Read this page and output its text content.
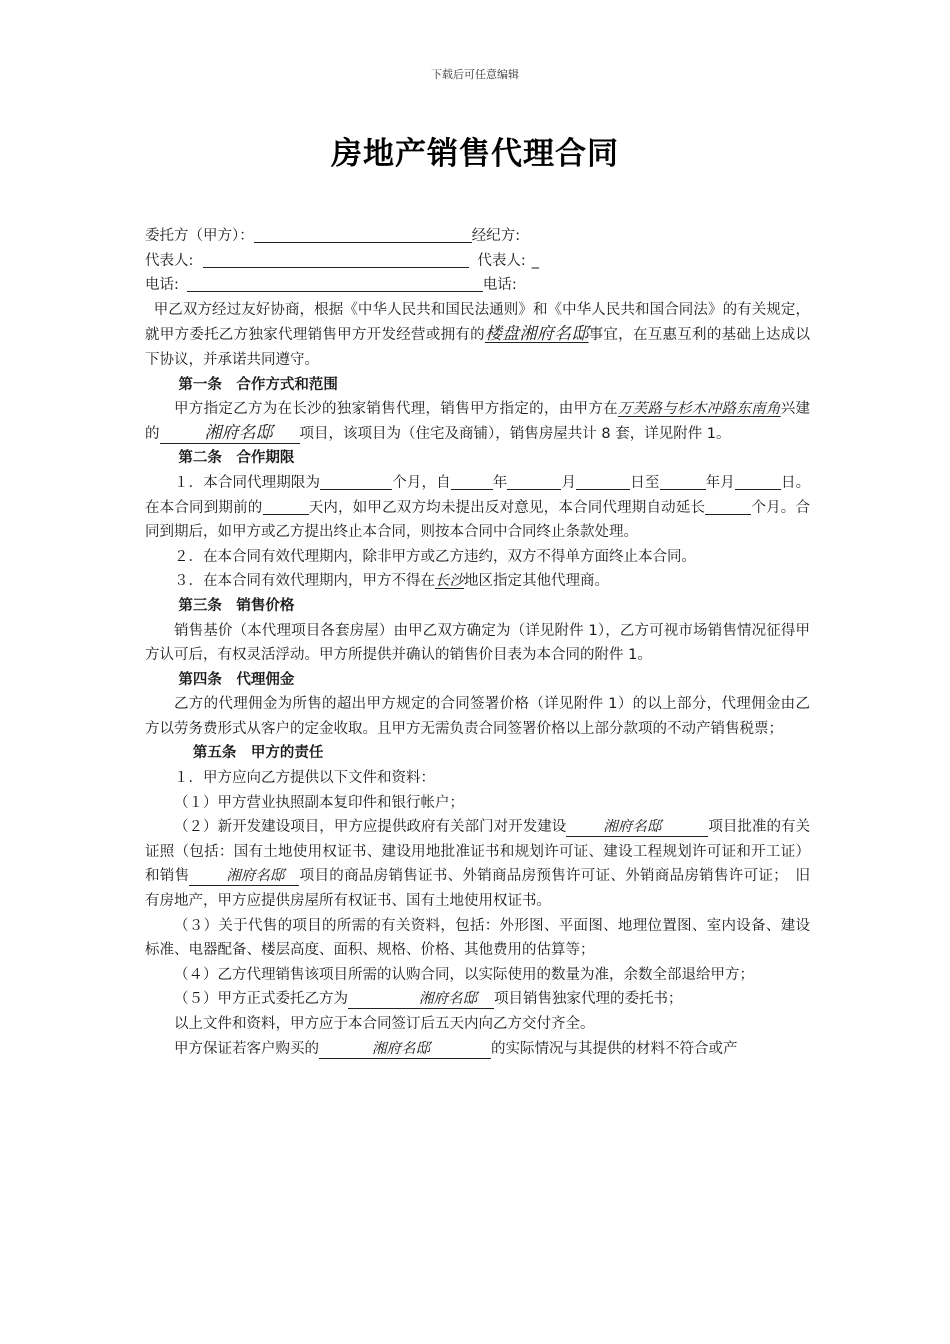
下载后可任意编辑
房地产销售代理合同
委托方（甲方）：	经纪方:
代表人:	代表人: _
电话:	电话:
甲乙双方经过友好协商，根据《中华人民共和国民法通则》和《中华人民共和国合同法》的有关规定，就甲方委托乙方独家代理销售甲方开发经营或拥有的楼盘湘府名邸事宜，在互惠互利的基础上达成以下协议，并承诺共同遵守。
第一条　合作方式和范围
甲方指定乙方为在长沙的独家销售代理，销售甲方指定的，由甲方在万芙路与杉木冲路东南角兴建的	湘府名邸 项目，该项目为（住宅及商铺），销售房屋共计 8 套，详见附件 1。
第二条　合作期限
１．本合同代理期限为	个月，自	年	月	日至	年月	日。在本合同到期前的	天内，如甲乙双方均未提出反对意见，本合同代理期自动延长	个月。合同到期后，如甲方或乙方提出终止本合同，则按本合同中合同终止条款处理。
２．在本合同有效代理期内，除非甲方或乙方违约，双方不得单方面终止本合同。
３．在本合同有效代理期内，甲方不得在长沙地区指定其他代理商。
第三条　销售价格
销售基价（本代理项目各套房屋）由甲乙双方确定为（详见附件 1），乙方可视市场销售情况征得甲方认可后，有权灵活浮动。甲方所提供并确认的销售价目表为本合同的附件 1。
第四条　代理佣金
乙方的代理佣金为所售的超出甲方规定的合同签署价格（详见附件 1）的以上部分，代理佣金由乙方以劳务费形式从客户的定金收取。且甲方无需负责合同签署价格以上部分款项的不动产销售税票；
第五条　甲方的责任
１．甲方应向乙方提供以下文件和资料：
（１）甲方营业执照副本复印件和银行帐户；
（２）新开发建设项目，甲方应提供政府有关部门对开发建设	湘府名邸	项目批准的有关证照（包括：国有土地使用权证书、建设用地批准证书和规划许可证、建设工程规划许可证和开工证）和销售	湘府名邸 项目的商品房销售证书、外销商品房预售许可证、外销商品房销售许可证；　旧有房地产，甲方应提供房屋所有权证书、国有土地使用权证书。
（３）关于代售的项目的所需的有关资料，包括：外形图、平面图、地理位置图、室内设备、建设标准、电器配备、楼层高度、面积、规格、价格、其他费用的估算等；
（４）乙方代理销售该项目所需的认购合同，以实际使用的数量为准，余数全部退给甲方；
（５）甲方正式委托乙方为	湘府名邸 项目销售独家代理的委托书；
以上文件和资料，甲方应于本合同签订后五天内向乙方交付齐全。
甲方保证若客户购买的	湘府名邸	的实际情况与其提供的材料不符合或产
